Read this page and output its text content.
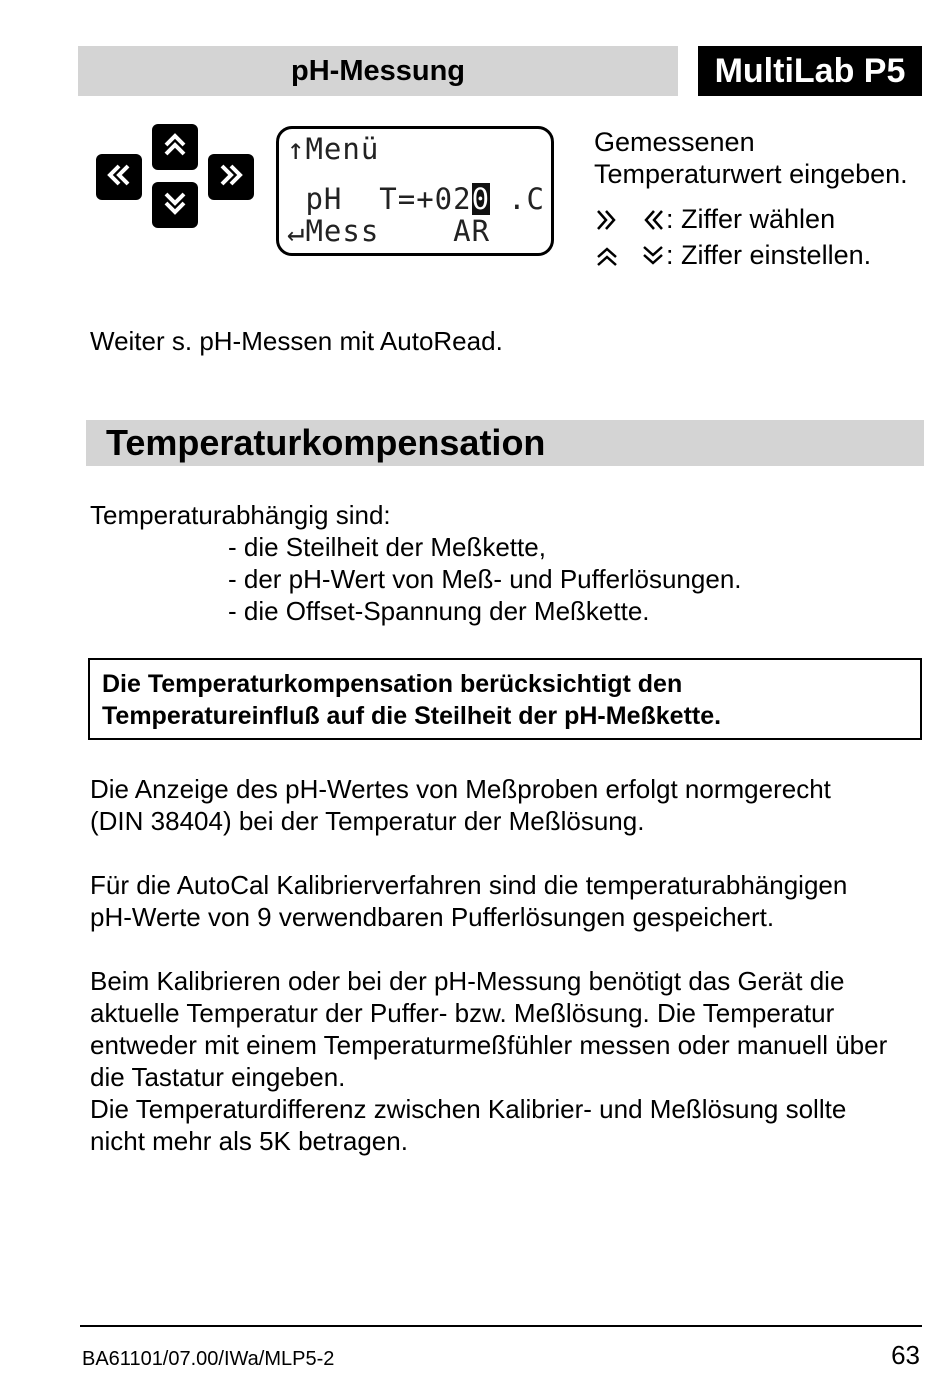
pH-Messung	MultiLab P5
↑Menü
pH  T=+020 .C
↵Mess    AR
Gemessenen
Temperaturwert eingeben.
: Ziffer wählen
: Ziffer einstellen.
Weiter s. pH-Messen mit AutoRead.
Temperaturkompensation
Temperaturabhängig sind:
- die Steilheit der Meßkette,
- der pH-Wert von Meß- und Pufferlösungen.
- die Offset-Spannung der Meßkette.
Die Temperaturkompensation berücksichtigt den
Temperatureinfluß auf die Steilheit der pH-Meßkette.
Die Anzeige des pH-Wertes von Meßproben erfolgt normgerecht
(DIN 38404) bei der Temperatur der Meßlösung.
Für die AutoCal Kalibrierverfahren sind die temperaturabhängigen
pH-Werte von 9 verwendbaren Pufferlösungen gespeichert.
Beim Kalibrieren oder bei der pH-Messung benötigt das Gerät die
aktuelle Temperatur der Puffer- bzw. Meßlösung. Die Temperatur
entweder mit einem Temperaturmeßfühler messen oder manuell über
die Tastatur eingeben.
Die Temperaturdifferenz zwischen Kalibrier- und Meßlösung sollte
nicht mehr als 5K betragen.
BA61101/07.00/IWa/MLP5-2	63
